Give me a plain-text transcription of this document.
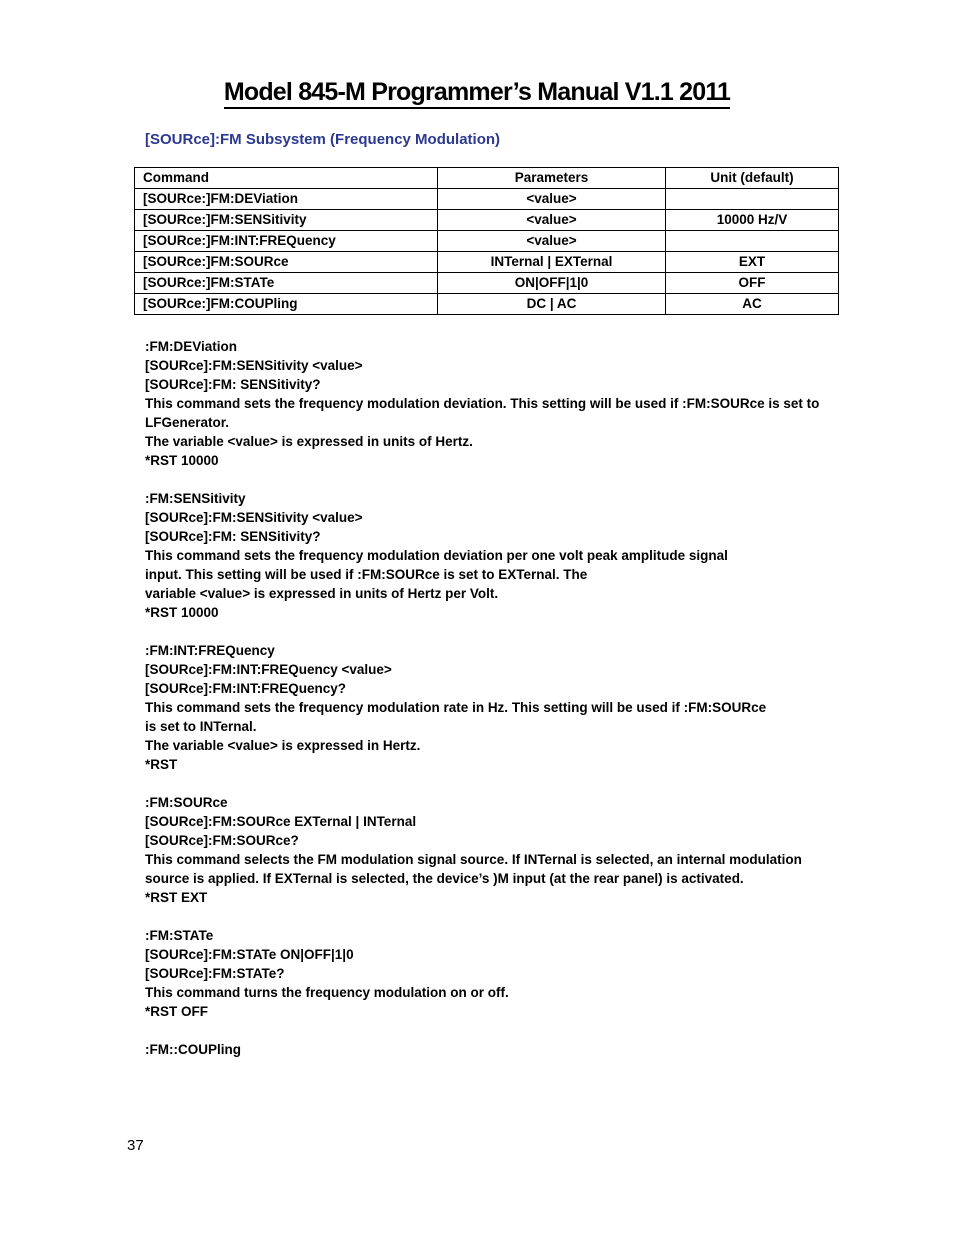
Model 845-M Programmer’s Manual V1.1 2011
[SOURce]:FM Subsystem (Frequency Modulation)
Command	Parameters	Unit (default)
[SOURce:]FM:DEViation	<value>	
[SOURce:]FM:SENSitivity	<value>	10000 Hz/V
[SOURce:]FM:INT:FREQuency	<value>	
[SOURce:]FM:SOURce	INTernal | EXTernal	EXT
[SOURce:]FM:STATe	ON|OFF|1|0	OFF
[SOURce:]FM:COUPling	DC | AC	AC
:FM:DEViation
[SOURce]:FM:SENSitivity <value>
[SOURce]:FM: SENSitivity?
This command sets the frequency modulation deviation. This setting will be used if :FM:SOURce is set to
LFGenerator.
The variable <value> is expressed in units of Hertz.
*RST 10000
:FM:SENSitivity
[SOURce]:FM:SENSitivity <value>
[SOURce]:FM: SENSitivity?
This command sets the frequency modulation deviation per one volt peak amplitude signal
input. This setting will be used if :FM:SOURce is set to EXTernal. The
variable <value> is expressed in units of Hertz per Volt.
*RST 10000
:FM:INT:FREQuency
[SOURce]:FM:INT:FREQuency <value>
[SOURce]:FM:INT:FREQuency?
This command sets the frequency modulation rate in Hz. This setting will be used if :FM:SOURce
is set to INTernal.
The variable <value> is expressed in Hertz.
*RST
:FM:SOURce
[SOURce]:FM:SOURce EXTernal | INTernal
[SOURce]:FM:SOURce?
This command selects the FM modulation signal source. If INTernal is selected, an internal modulation
source is applied. If EXTernal is selected, the device’s )M input (at the rear panel) is activated.
*RST EXT
:FM:STATe
[SOURce]:FM:STATe ON|OFF|1|0
[SOURce]:FM:STATe?
This command turns the frequency modulation on or off.
*RST OFF
:FM::COUPling
37
